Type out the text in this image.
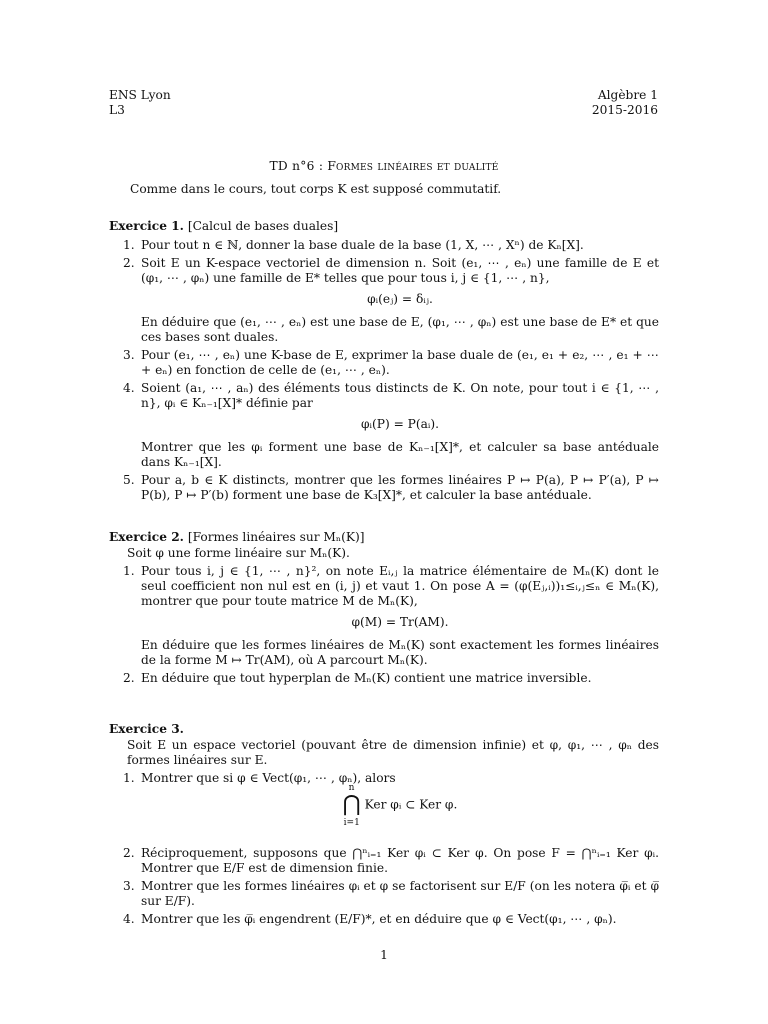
ENS Lyon
L3
Algèbre 1
2015-2016
TD n°6 : Formes linéaires et dualité
Comme dans le cours, tout corps K est supposé commutatif.
Exercice 1. [Calcul de bases duales]
1. Pour tout n ∈ ℕ, donner la base duale de la base (1, X, ⋯ , Xⁿ) de Kₙ[X].
2. Soit E un K-espace vectoriel de dimension n. Soit (e₁, ⋯ , eₙ) une famille de E et (φ₁, ⋯ , φₙ) une famille de E* telles que pour tous i, j ∈ {1, ⋯ , n},
φᵢ(eⱼ) = δᵢⱼ.
En déduire que (e₁, ⋯ , eₙ) est une base de E, (φ₁, ⋯ , φₙ) est une base de E* et que ces bases sont duales.
3. Pour (e₁, ⋯ , eₙ) une K-base de E, exprimer la base duale de (e₁, e₁ + e₂, ⋯ , e₁ + ⋯ + eₙ) en fonction de celle de (e₁, ⋯ , eₙ).
4. Soient (a₁, ⋯ , aₙ) des éléments tous distincts de K. On note, pour tout i ∈ {1, ⋯ , n}, φᵢ ∈ Kₙ₋₁[X]* définie par
φᵢ(P) = P(aᵢ).
Montrer que les φᵢ forment une base de Kₙ₋₁[X]*, et calculer sa base antéduale dans Kₙ₋₁[X].
5. Pour a, b ∈ K distincts, montrer que les formes linéaires P ↦ P(a), P ↦ P′(a), P ↦ P(b), P ↦ P′(b) forment une base de K₃[X]*, et calculer la base antéduale.
Exercice 2. [Formes linéaires sur Mₙ(K)]
Soit φ une forme linéaire sur Mₙ(K).
1. Pour tous i, j ∈ {1, ⋯ , n}², on note Eᵢ,ⱼ la matrice élémentaire de Mₙ(K) dont le seul coefficient non nul est en (i, j) et vaut 1. On pose A = (φ(Eⱼ,ᵢ))₁≤ᵢ,ⱼ≤ₙ ∈ Mₙ(K), montrer que pour toute matrice M de Mₙ(K),
φ(M) = Tr(AM).
En déduire que les formes linéaires de Mₙ(K) sont exactement les formes linéaires de la forme M ↦ Tr(AM), où A parcourt Mₙ(K).
2. En déduire que tout hyperplan de Mₙ(K) contient une matrice inversible.
Exercice 3.
Soit E un espace vectoriel (pouvant être de dimension infinie) et φ, φ₁, ⋯ , φₙ des formes linéaires sur E.
1. Montrer que si φ ∈ Vect(φ₁, ⋯ , φₙ), alors
n
⋂
i=1
Ker φᵢ ⊂ Ker φ.
2. Réciproquement, supposons que ⋂ⁿᵢ₌₁ Ker φᵢ ⊂ Ker φ. On pose F = ⋂ⁿᵢ₌₁ Ker φᵢ. Montrer que E/F est de dimension finie.
3. Montrer que les formes linéaires φᵢ et φ se factorisent sur E/F (on les notera φ̅ᵢ et φ̅ sur E/F).
4. Montrer que les φ̅ᵢ engendrent (E/F)*, et en déduire que φ ∈ Vect(φ₁, ⋯ , φₙ).
1
